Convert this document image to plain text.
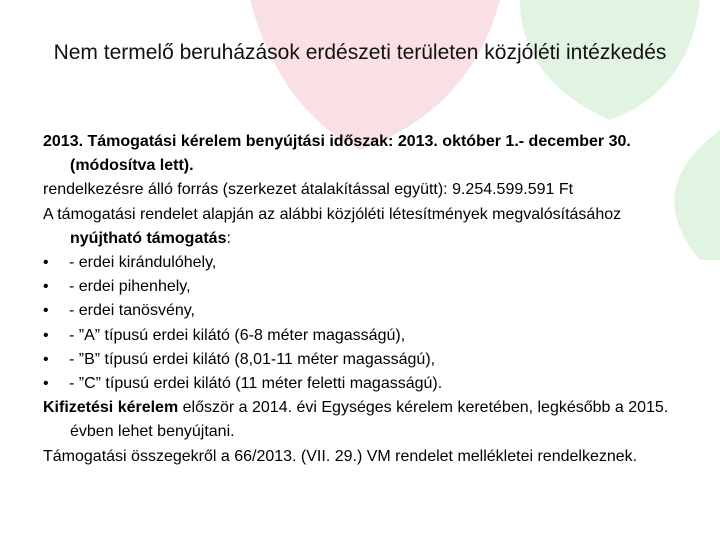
Nem termelő beruházások erdészeti területen közjóléti intézkedés
2013. Támogatási kérelem benyújtási időszak: 2013. október 1.- december 30. (módosítva lett).
rendelkezésre álló forrás (szerkezet átalakítással együtt): 9.254.599.591 Ft
A támogatási rendelet alapján az alábbi közjóléti létesítmények megvalósításához nyújtható támogatás:
• - erdei kirándulóhely,
• - erdei pihenhely,
• - erdei tanösvény,
• - ”A” típusú erdei kilátó (6-8 méter magasságú),
• - ”B” típusú erdei kilátó (8,01-11 méter magasságú),
• - ”C” típusú erdei kilátó (11 méter feletti magasságú).
Kifizetési kérelem először a 2014. évi Egységes kérelem keretében, legkésőbb a 2015. évben lehet benyújtani.
Támogatási összegekről a 66/2013. (VII. 29.) VM rendelet mellékletei rendelkeznek.
